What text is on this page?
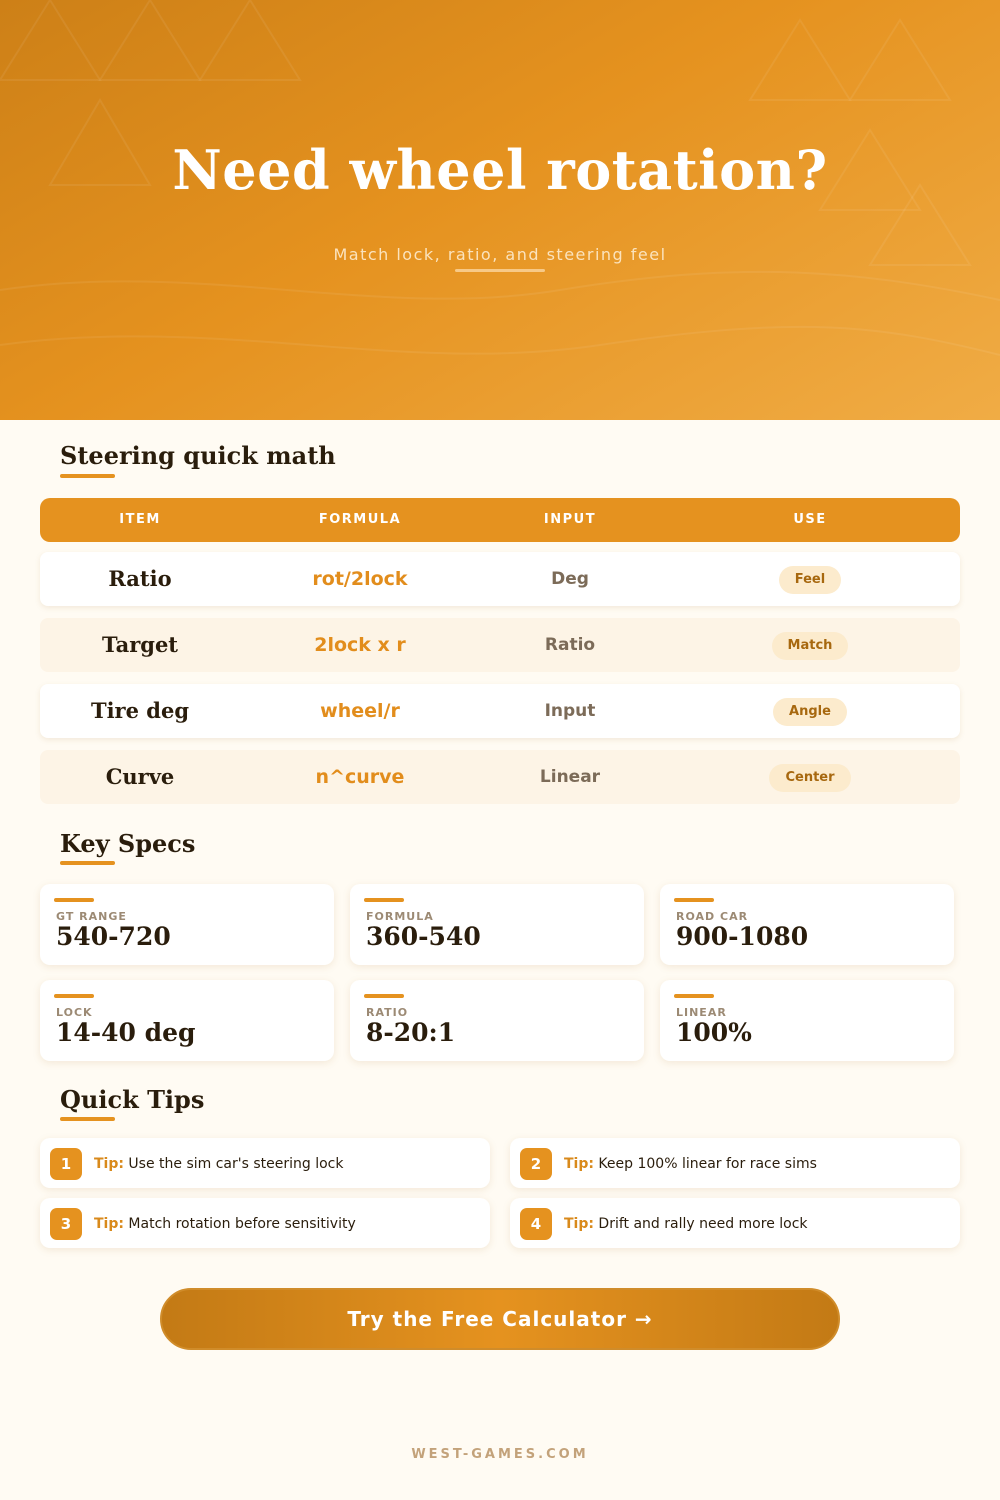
Need wheel rotation?
Match lock, ratio, and steering feel
Steering quick math
ITEM	FORMULA	INPUT	USE
Ratio	rot/2lock	Deg	Feel
Target	2lock x r	Ratio	Match
Tire deg	wheel/r	Input	Angle
Curve	n^curve	Linear	Center
Key Specs
GT RANGE
540-720
FORMULA
360-540
ROAD CAR
900-1080
LOCK
14-40 deg
RATIO
8-20:1
LINEAR
100%
Quick Tips
1	Tip: Use the sim car's steering lock	2	Tip: Keep 100% linear for race sims
3	Tip: Match rotation before sensitivity	4	Tip: Drift and rally need more lock
Try the Free Calculator →
WEST-GAMES.COM
